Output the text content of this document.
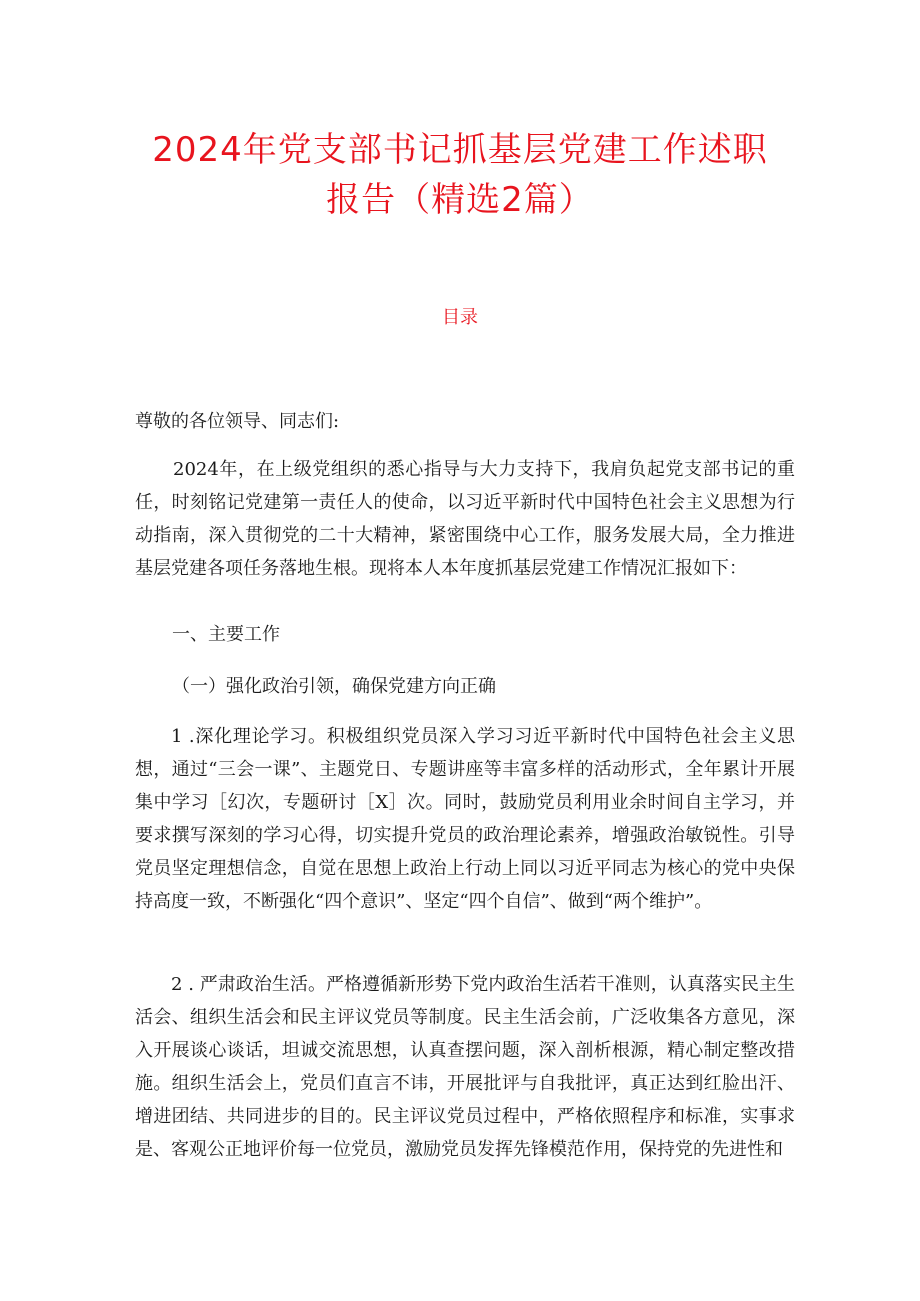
2024年党支部书记抓基层党建工作述职
报告（精选2篇）
目录
尊敬的各位领导、同志们:
2024年，在上级党组织的悉心指导与大力支持下，我肩负起党支部书记的重任，时刻铭记党建第一责任人的使命，以习近平新时代中国特色社会主义思想为行动指南，深入贯彻党的二十大精神，紧密围绕中心工作，服务发展大局，全力推进基层党建各项任务落地生根。现将本人本年度抓基层党建工作情况汇报如下：
一、主要工作
（一）强化政治引领，确保党建方向正确
1 .深化理论学习。积极组织党员深入学习习近平新时代中国特色社会主义思想，通过“三会一课”、主题党日、专题讲座等丰富多样的活动形式，全年累计开展集中学习［幻次，专题研讨［X］次。同时，鼓励党员利用业余时间自主学习，并要求撰写深刻的学习心得，切实提升党员的政治理论素养，增强政治敏锐性。引导党员坚定理想信念，自觉在思想上政治上行动上同以习近平同志为核心的党中央保持高度一致，不断强化“四个意识”、坚定“四个自信”、做到“两个维护”。
2 . 严肃政治生活。严格遵循新形势下党内政治生活若干准则，认真落实民主生活会、组织生活会和民主评议党员等制度。民主生活会前，广泛收集各方意见，深入开展谈心谈话，坦诚交流思想，认真查摆问题，深入剖析根源，精心制定整改措施。组织生活会上，党员们直言不讳，开展批评与自我批评，真正达到红脸出汗、增进团结、共同进步的目的。民主评议党员过程中，严格依照程序和标准，实事求是、客观公正地评价每一位党员，激励党员发挥先锋模范作用，保持党的先进性和
